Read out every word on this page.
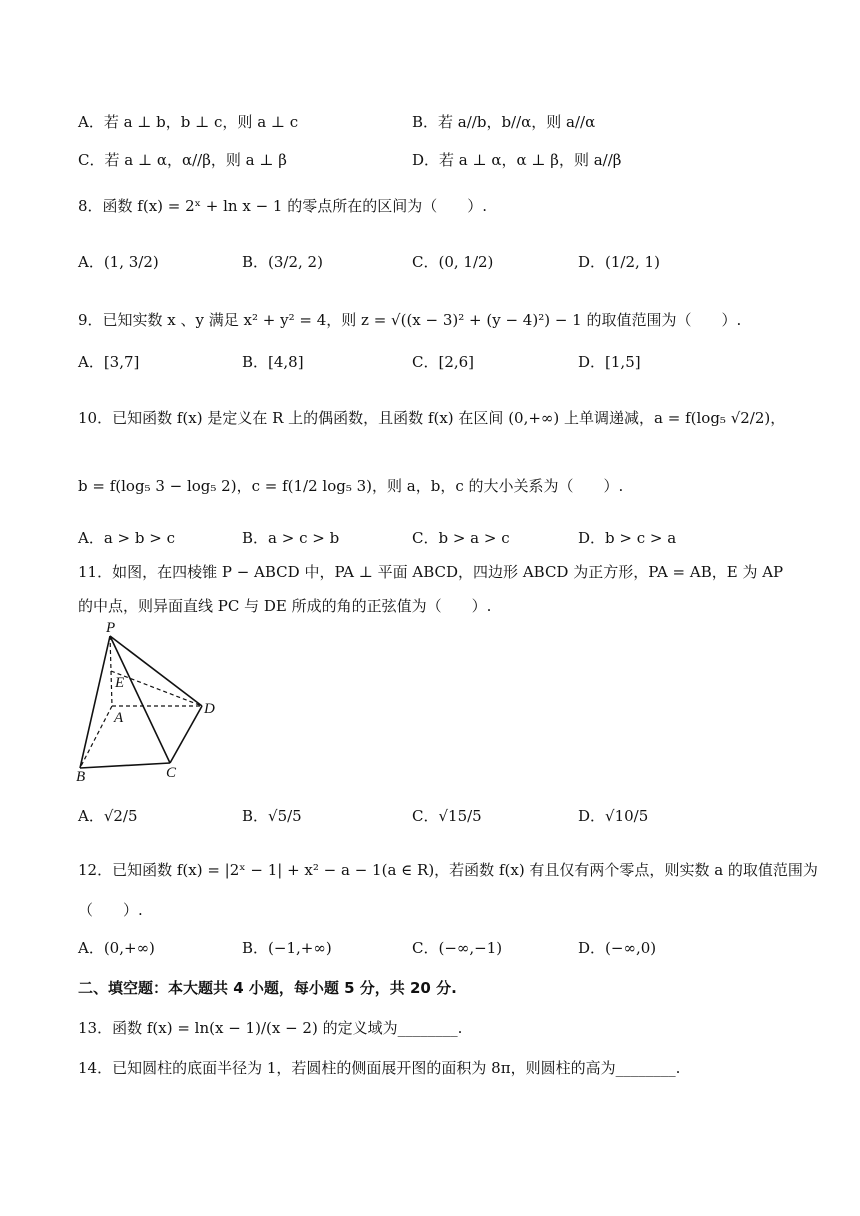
A．若 a ⊥ b，b ⊥ c，则 a ⊥ c	B．若 a//b，b//α，则 a//α
C．若 a ⊥ α，α//β，则 a ⊥ β	D．若 a ⊥ α，α ⊥ β，则 a//β
8．函数 f(x) = 2ˣ + ln x − 1 的零点所在的区间为（　　）.
A．(1, 3/2)	B．(3/2, 2)	C．(0, 1/2)	D．(1/2, 1)
9．已知实数 x 、y 满足 x² + y² = 4，则 z = √((x − 3)² + (y − 4)²) − 1 的取值范围为（　　）.
A．[3,7]	B．[4,8]	C．[2,6]	D．[1,5]
10．已知函数 f(x) 是定义在 R 上的偶函数，且函数 f(x) 在区间 (0,+∞) 上单调递减，a = f(log₅ √2/2)，
b = f(log₅ 3 − log₅ 2)，c = f(1/2 log₅ 3)，则 a，b，c 的大小关系为（　　）.
A．a > b > c	B．a > c > b	C．b > a > c	D．b > c > a
11．如图，在四棱锥 P − ABCD 中，PA ⊥ 平面 ABCD，四边形 ABCD 为正方形，PA = AB，E 为 AP
的中点，则异面直线 PC 与 DE 所成的角的正弦值为（　　）.
P
E
A
D
B	C
A．√2/5	B．√5/5	C．√15/5	D．√10/5
12．已知函数 f(x) = |2ˣ − 1| + x² − a − 1(a ∈ R)，若函数 f(x) 有且仅有两个零点，则实数 a 的取值范围为
（　　）.
A．(0,+∞)	B．(−1,+∞)	C．(−∞,−1)	D．(−∞,0)
二、填空题：本大题共 4 小题，每小题 5 分，共 20 分.
13．函数 f(x) = ln(x − 1)/(x − 2) 的定义域为________.
14．已知圆柱的底面半径为 1，若圆柱的侧面展开图的面积为 8π，则圆柱的高为________.
